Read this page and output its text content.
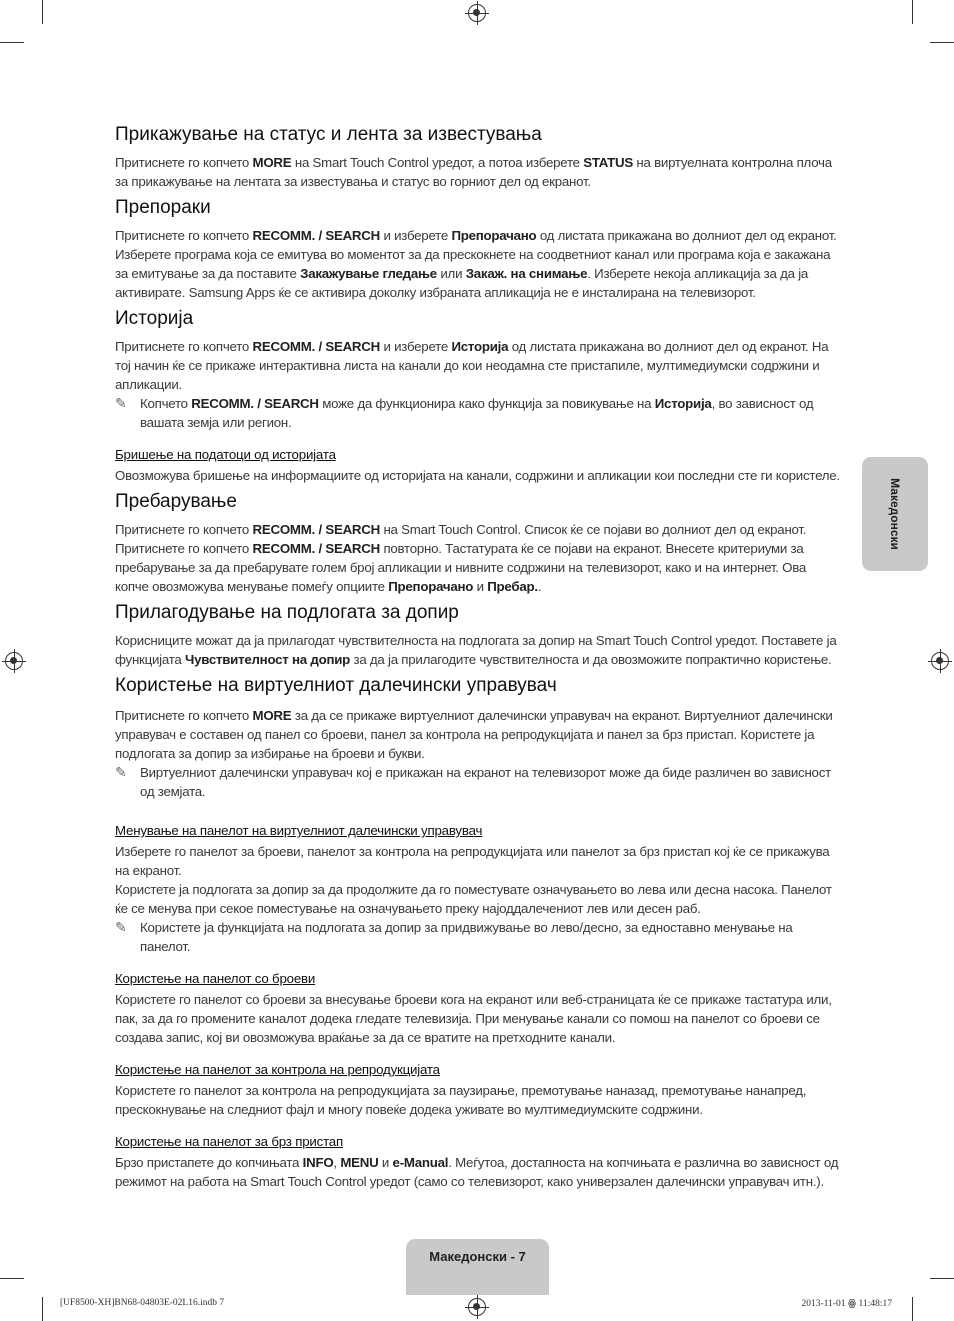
Македонски
Прикажување на статус и лента за известувања

Притиснете го копчето MORE на Smart Touch Control уредот, а потоа изберете STATUS на виртуелната контролна плоча за прикажување на лентата за известувања и статус во горниот дел од екранот.

Препораки

Притиснете го копчето RECOMM. / SEARCH и изберете Препорачано од листата прикажана во долниот дел од екранот. Изберете програма која се емитува во моментот за да прескокнете на соодветниот канал или програма која е закажана за емитување за да поставите Закажување гледање или Закаж. на снимање. Изберете некоја апликација за да ја активирате. Samsung Apps ќе се активира доколку избраната апликација не е инсталирана на телевизорот.

Историја

Притиснете го копчето RECOMM. / SEARCH и изберете Историја од листата прикажана во долниот дел од екранот. На тој начин ќе се прикаже интерактивна листа на канали до кои неодамна сте пристапиле, мултимедиумски содржини и апликации.

✎ Копчето RECOMM. / SEARCH може да функционира како функција за повикување на Историја, во зависност од вашата земја или регион.
Бришење на податоци од историјата

Овозможува бришење на информациите од историјата на канали, содржини и апликации кои последни сте ги користеле.

Пребарување

Притиснете го копчето RECOMM. / SEARCH на Smart Touch Control. Список ќе се појави во долниот дел од екранот. Притиснете го копчето RECOMM. / SEARCH повторно. Тастатурата ќе се појави на екранот. Внесете критериуми за пребарување за да пребарувате голем број апликации и нивните содржини на телевизорот, како и на интернет. Ова копче овозможува менување помеѓу опциите Препорачано и Пребар..

Прилагодување на подлогата за допир

Корисниците можат да ја прилагодат чувствителноста на подлогата за допир на Smart Touch Control уредот. Поставете ја функцијата Чувствителност на допир за да ја прилагодите чувствителноста и да овозможите попрактично користење.

Користење на виртуелниот далечински управувач

Притиснете го копчето MORE за да се прикаже виртуелниот далечински управувач на екранот. Виртуелниот далечински управувач е составен од панел со броеви, панел за контрола на репродукцијата и панел за брз пристап. Користете ја подлогата за допир за избирање на броеви и букви.

✎ Виртуелниот далечински управувач кој е прикажан на екранот на телевизорот може да биде различен во зависност од земјата.
Менување на панелот на виртуелниот далечински управувач

Изберете го панелот за броеви, панелот за контрола на репродукцијата или панелот за брз пристап кој ќе се прикажува на екранот.

Користете ја подлогата за допир за да продолжите да го поместувате означувањето во лева или десна насока. Панелот ќе се менува при секое поместување на означувањето преку најоддалечениот лев или десен раб.

✎ Користете ја функцијата на подлогата за допир за придвижување во лево/десно, за едноставно менување на панелот.
Користење на панелот со броеви

Користете го панелот со броеви за внесување броеви кога на екранот или веб-страницата ќе се прикаже тастатура или, пак, за да го промените каналот додека гледате телевизија. При менување канали со помош на панелот со броеви се создава запис, кој ви овозможува враќање за да се вратите на претходните канали.

Користење на панелот за контрола на репродукцијата

Користете го панелот за контрола на репродукцијата за паузирање, премотување наназад, премотување нанапред, прескокнување на следниот фајл и многу повеќе додека уживате во мултимедиумските содржини.

Користење на панелот за брз пристап

Брзо пристапете до копчињата INFO, MENU и e-Manual. Меѓутоа, достапноста на копчињата е различна во зависност од режимот на работа на Smart Touch Control уредот (само со телевизорот, како универзален далечински управувач итн.).

Македонски - 7
[UF8500-XH]BN68-04803E-02L16.indb 7	2013-11-01 ꙮ 11:48:17
